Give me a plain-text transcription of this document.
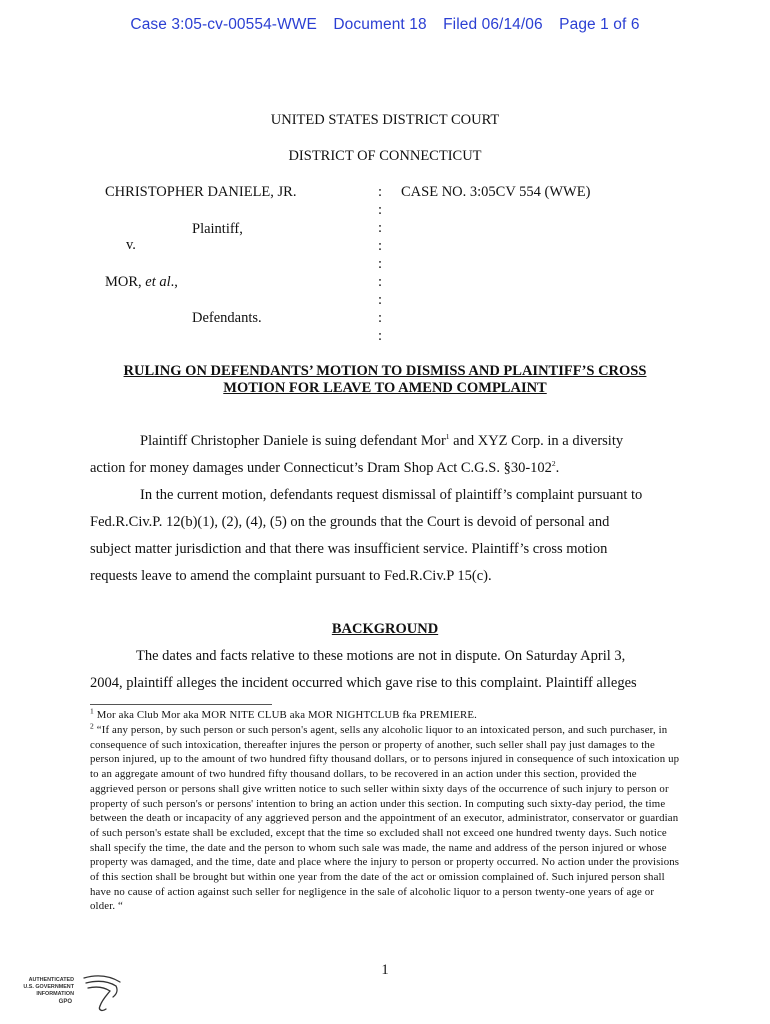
Case 3:05-cv-00554-WWE Document 18 Filed 06/14/06 Page 1 of 6
UNITED STATES DISTRICT COURT
DISTRICT OF CONNECTICUT
CHRISTOPHER DANIELE, JR.
Plaintiff,
v.
MOR, et al.,
Defendants.
CASE NO. 3:05CV 554 (WWE)
:
:
:
:
:
:
:
:
:
RULING ON DEFENDANTS’ MOTION TO DISMISS AND PLAINTIFF’S CROSS
MOTION FOR LEAVE TO AMEND COMPLAINT
Plaintiff Christopher Daniele is suing defendant Mor$^1$ and XYZ Corp. in a diversity
action for money damages under Connecticut’s Dram Shop Act C.G.S. $\S 30-102^2$.
In the current motion, defendants request dismissal of plaintiff’s complaint pursuant to
Fed.R.Civ.P. 12(b)(1), (2), (4), (5) on the grounds that the Court is devoid of personal and
subject matter jurisdiction and that there was insufficient service. Plaintiff’s cross motion
requests leave to amend the complaint pursuant to Fed.R.Civ.P 15(c).
BACKGROUND
The dates and facts relative to these motions are not in dispute. On Saturday April 3,
2004, plaintiff alleges the incident occurred which gave rise to this complaint. Plaintiff alleges
$^1$ Mor aka Club Mor aka MOR NITE CLUB aka MOR NIGHTCLUB fka PREMIERE.
$^2$ “If any person, by such person or such person's agent, sells any alcoholic liquor to an intoxicated person, and such purchaser, in consequence of such intoxication, thereafter injures the person or property of another, such seller shall pay just damages to the person injured, up to the amount of two hundred fifty thousand dollars, or to persons injured in consequence of such intoxication up to an aggregate amount of two hundred fifty thousand dollars, to be recovered in an action under this section, provided the aggrieved person or persons shall give written notice to such seller within sixty days of the occurrence of such injury to person or property of such person's or persons' intention to bring an action under this section. In computing such sixty-day period, the time between the death or incapacity of any aggrieved person and the appointment of an executor, administrator, conservator or guardian of such person's estate shall be excluded, except that the time so excluded shall not exceed one hundred twenty days. Such notice shall specify the time, the date and the person to whom such sale was made, the name and address of the person injured or whose property was damaged, and the time, date and place where the injury to person or property occurred. No action under the provisions of this section shall be brought but within one year from the date of the act or omission complained of. Such injured person shall have no cause of action against such seller for negligence in the sale of alcoholic liquor to a person twenty-one years of age or older. “
1
AUTHENTICATED
U.S. GOVERNMENT
INFORMATION
GPO
